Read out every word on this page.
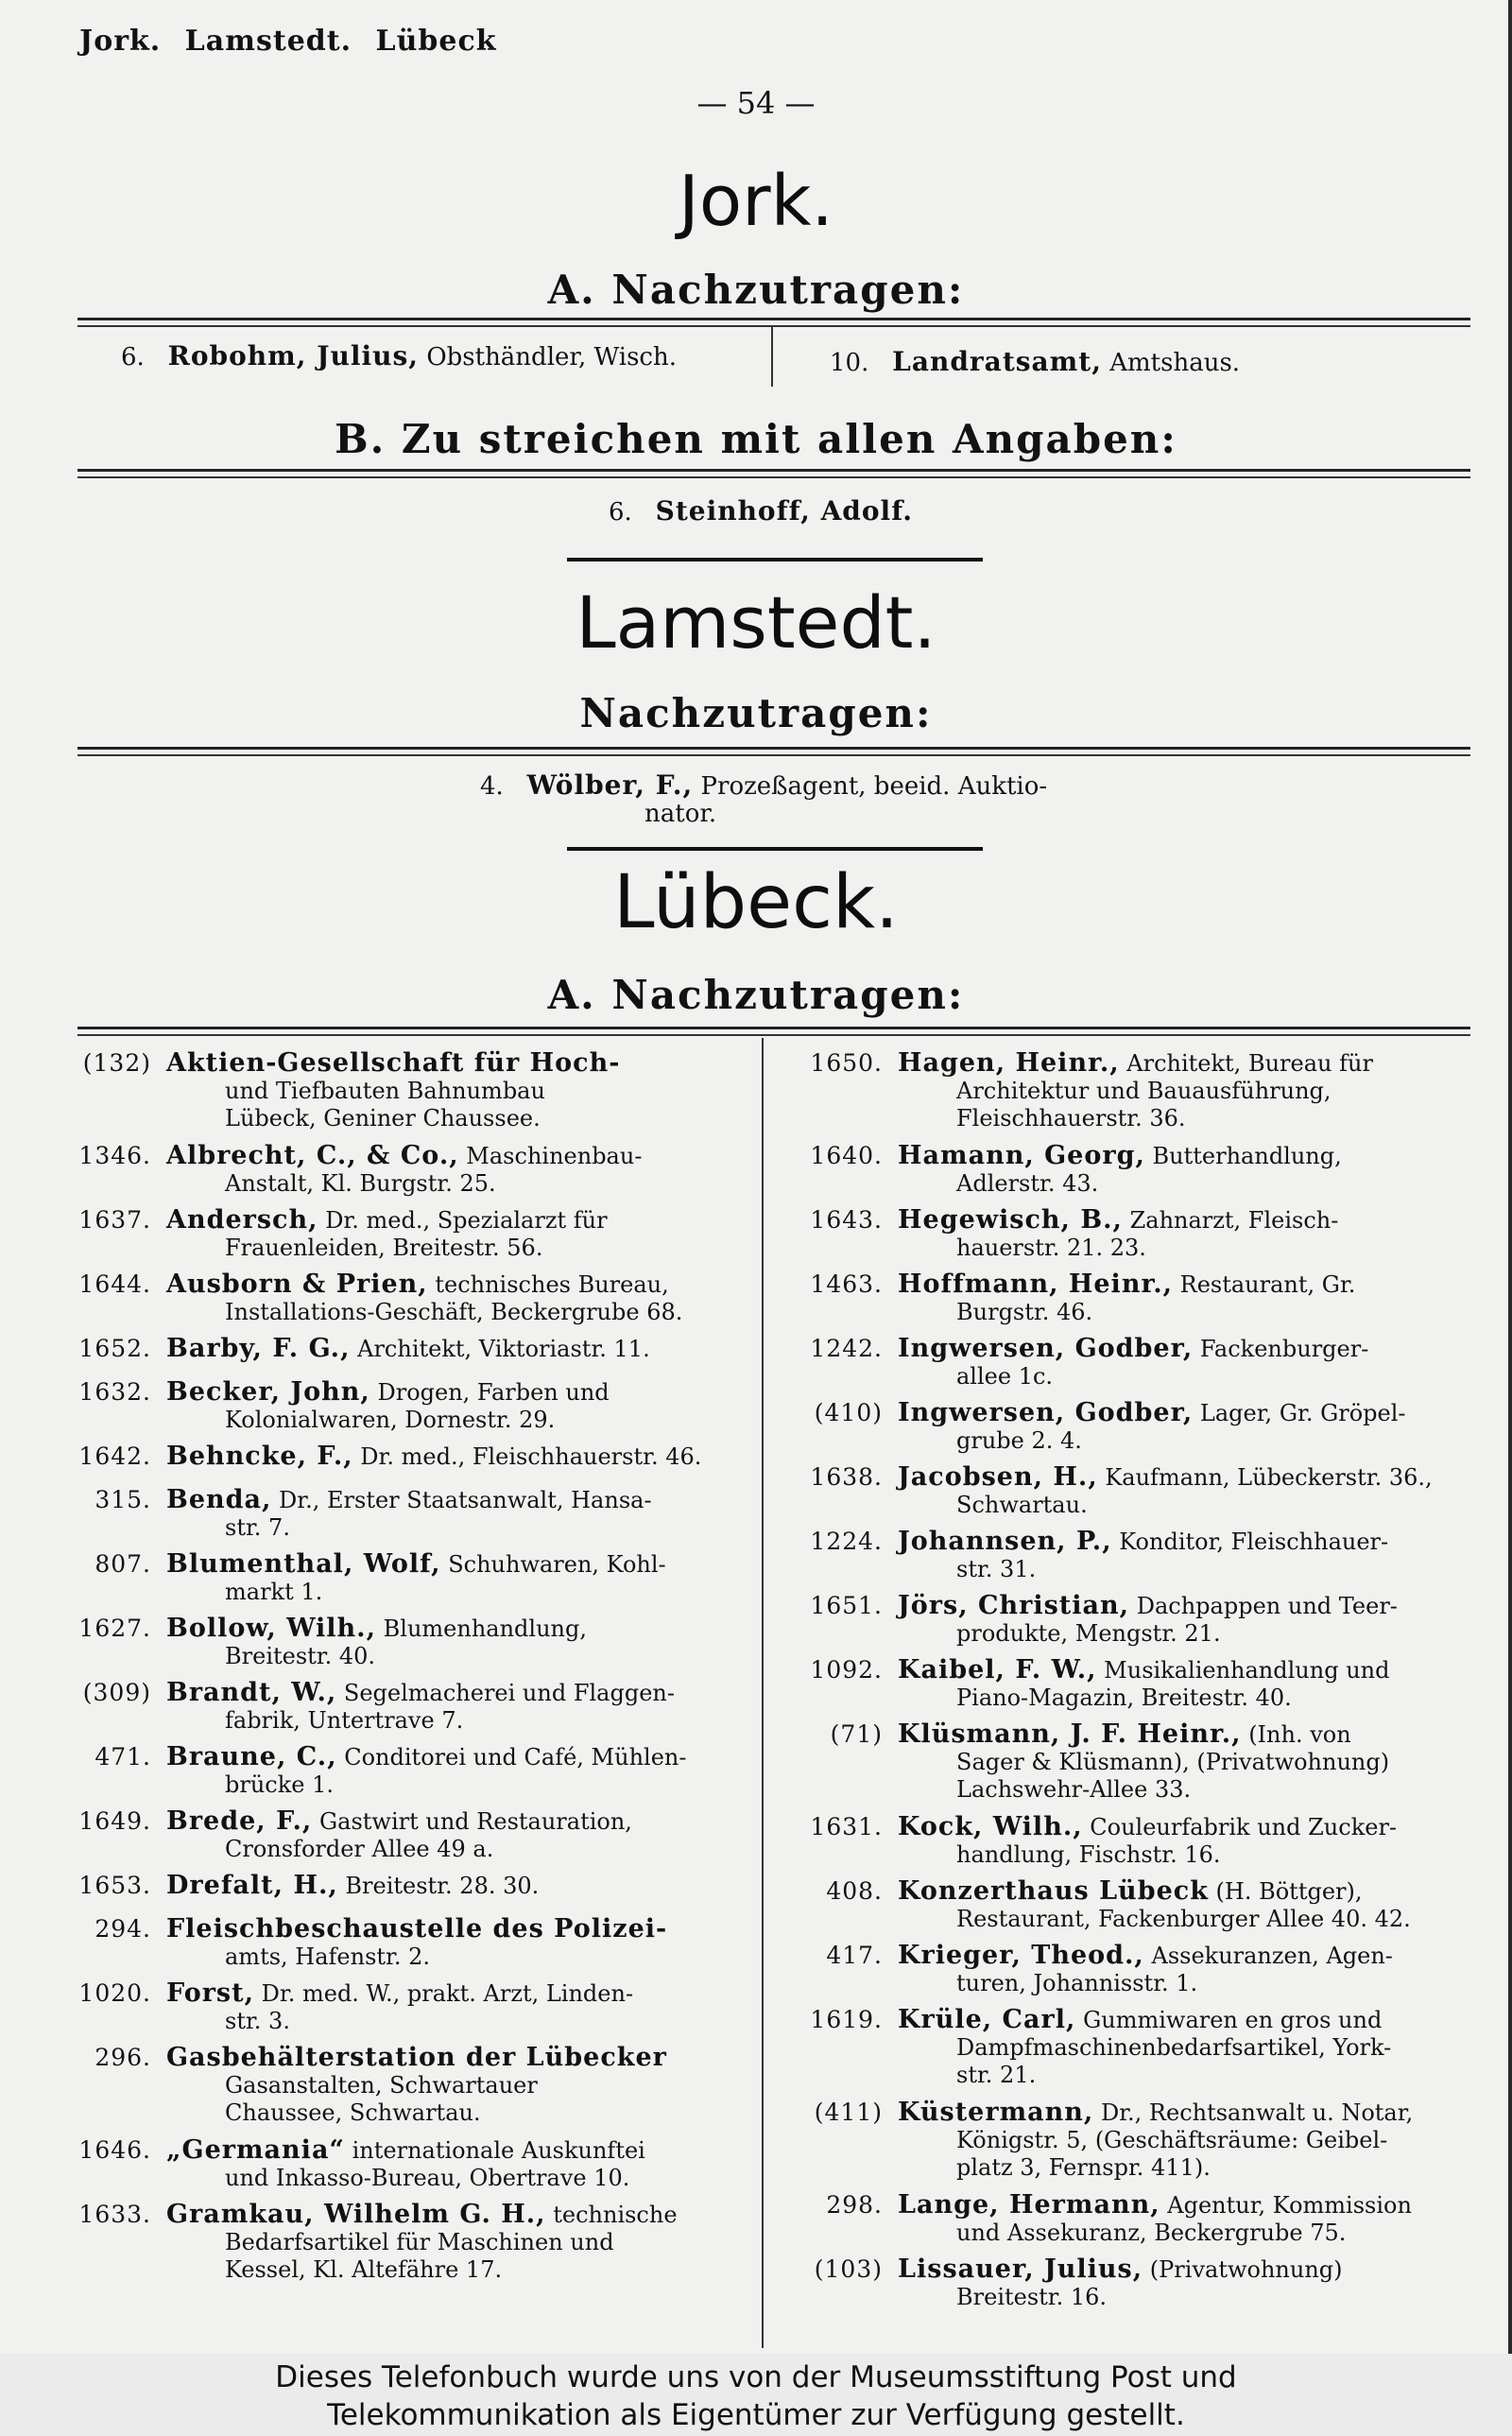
Jork. Lamstedt. Lübeck
— 54 —
Jork.
A. Nachzutragen:
6. Robohm, Julius, Obsthändler, Wisch.	10. Landratsamt, Amtshaus.
B. Zu streichen mit allen Angaben:
6. Steinhoff, Adolf.
Lamstedt.
Nachzutragen:
4. Wölber, F., Prozeßagent, beeid. Auktio-
nator.
Lübeck.
A. Nachzutragen:
(132) Aktien-Gesellschaft für Hoch-
und Tiefbauten Bahnumbau
Lübeck, Geniner Chaussee.
1346. Albrecht, C., & Co., Maschinenbau-
Anstalt, Kl. Burgstr. 25.
1637. Andersch, Dr. med., Spezialarzt für
Frauenleiden, Breitestr. 56.
1644. Ausborn & Prien, technisches Bureau,
Installations-Geschäft, Beckergrube 68.
1652. Barby, F. G., Architekt, Viktoriastr. 11.
1632. Becker, John, Drogen, Farben und
Kolonialwaren, Dornestr. 29.
1642. Behncke, F., Dr. med., Fleischhauerstr. 46.
315. Benda, Dr., Erster Staatsanwalt, Hansa-
str. 7.
807. Blumenthal, Wolf, Schuhwaren, Kohl-
markt 1.
1627. Bollow, Wilh., Blumenhandlung,
Breitestr. 40.
(309) Brandt, W., Segelmacherei und Flaggen-
fabrik, Untertrave 7.
471. Braune, C., Conditorei und Café, Mühlen-
brücke 1.
1649. Brede, F., Gastwirt und Restauration,
Cronsforder Allee 49 a.
1653. Drefalt, H., Breitestr. 28. 30.
294. Fleischbeschaustelle des Polizei-
amts, Hafenstr. 2.
1020. Forst, Dr. med. W., prakt. Arzt, Linden-
str. 3.
296. Gasbehälterstation der Lübecker
Gasanstalten, Schwartauer
Chaussee, Schwartau.
1646. „Germania“ internationale Auskunftei
und Inkasso-Bureau, Obertrave 10.
1633. Gramkau, Wilhelm G. H., technische
Bedarfsartikel für Maschinen und
Kessel, Kl. Altefähre 17.
1650. Hagen, Heinr., Architekt, Bureau für
Architektur und Bauausführung,
Fleischhauerstr. 36.
1640. Hamann, Georg, Butterhandlung,
Adlerstr. 43.
1643. Hegewisch, B., Zahnarzt, Fleisch-
hauerstr. 21. 23.
1463. Hoffmann, Heinr., Restaurant, Gr.
Burgstr. 46.
1242. Ingwersen, Godber, Fackenburger-
allee 1c.
(410) Ingwersen, Godber, Lager, Gr. Gröpel-
grube 2. 4.
1638. Jacobsen, H., Kaufmann, Lübeckerstr. 36.,
Schwartau.
1224. Johannsen, P., Konditor, Fleischhauer-
str. 31.
1651. Jörs, Christian, Dachpappen und Teer-
produkte, Mengstr. 21.
1092. Kaibel, F. W., Musikalienhandlung und
Piano-Magazin, Breitestr. 40.
(71) Klüsmann, J. F. Heinr., (Inh. von
Sager & Klüsmann), (Privatwohnung)
Lachswehr-Allee 33.
1631. Kock, Wilh., Couleurfabrik und Zucker-
handlung, Fischstr. 16.
408. Konzerthaus Lübeck (H. Böttger),
Restaurant, Fackenburger Allee 40. 42.
417. Krieger, Theod., Assekuranzen, Agen-
turen, Johannisstr. 1.
1619. Krüle, Carl, Gummiwaren en gros und
Dampfmaschinenbedarfsartikel, York-
str. 21.
(411) Küstermann, Dr., Rechtsanwalt u. Notar,
Königstr. 5, (Geschäftsräume: Geibel-
platz 3, Fernspr. 411).
298. Lange, Hermann, Agentur, Kommission
und Assekuranz, Beckergrube 75.
(103) Lissauer, Julius, (Privatwohnung)
Breitestr. 16.
Dieses Telefonbuch wurde uns von der Museumsstiftung Post und
Telekommunikation als Eigentümer zur Verfügung gestellt.
